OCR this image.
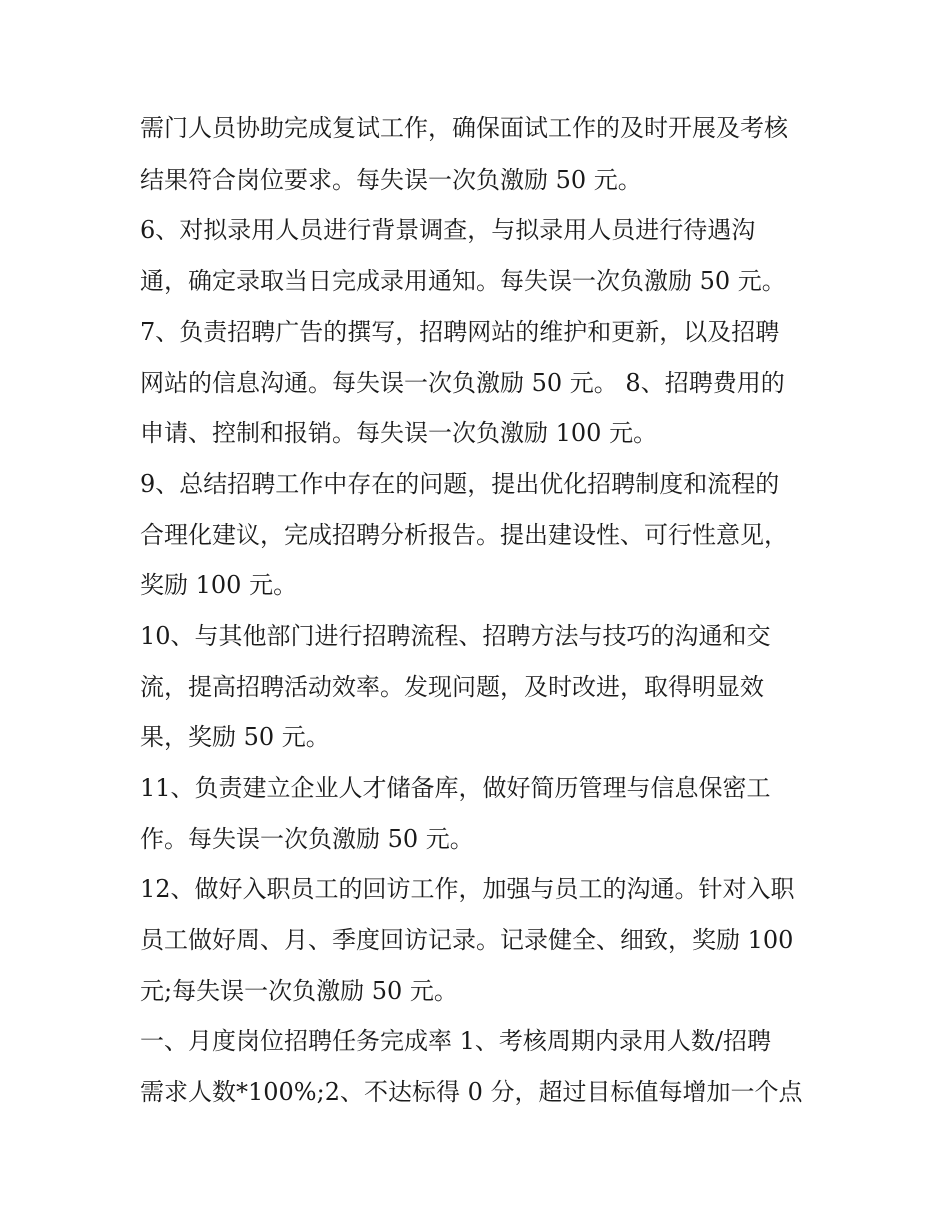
需门人员协助完成复试工作，确保面试工作的及时开展及考核
结果符合岗位要求。每失误一次负激励 50 元。
6、对拟录用人员进行背景调查，与拟录用人员进行待遇沟
通，确定录取当日完成录用通知。每失误一次负激励 50 元。
7、负责招聘广告的撰写，招聘网站的维护和更新，以及招聘
网站的信息沟通。每失误一次负激励 50 元。 8、招聘费用的
申请、控制和报销。每失误一次负激励 100 元。
9、总结招聘工作中存在的问题，提出优化招聘制度和流程的
合理化建议，完成招聘分析报告。提出建设性、可行性意见，
奖励 100 元。
10、与其他部门进行招聘流程、招聘方法与技巧的沟通和交
流，提高招聘活动效率。发现问题，及时改进，取得明显效
果，奖励 50 元。
11、负责建立企业人才储备库，做好简历管理与信息保密工
作。每失误一次负激励 50 元。
12、做好入职员工的回访工作，加强与员工的沟通。针对入职
员工做好周、月、季度回访记录。记录健全、细致，奖励 100
元;每失误一次负激励 50 元。
一、月度岗位招聘任务完成率 1、考核周期内录用人数/招聘
需求人数*100%;2、不达标得 0 分，超过目标值每增加一个点
